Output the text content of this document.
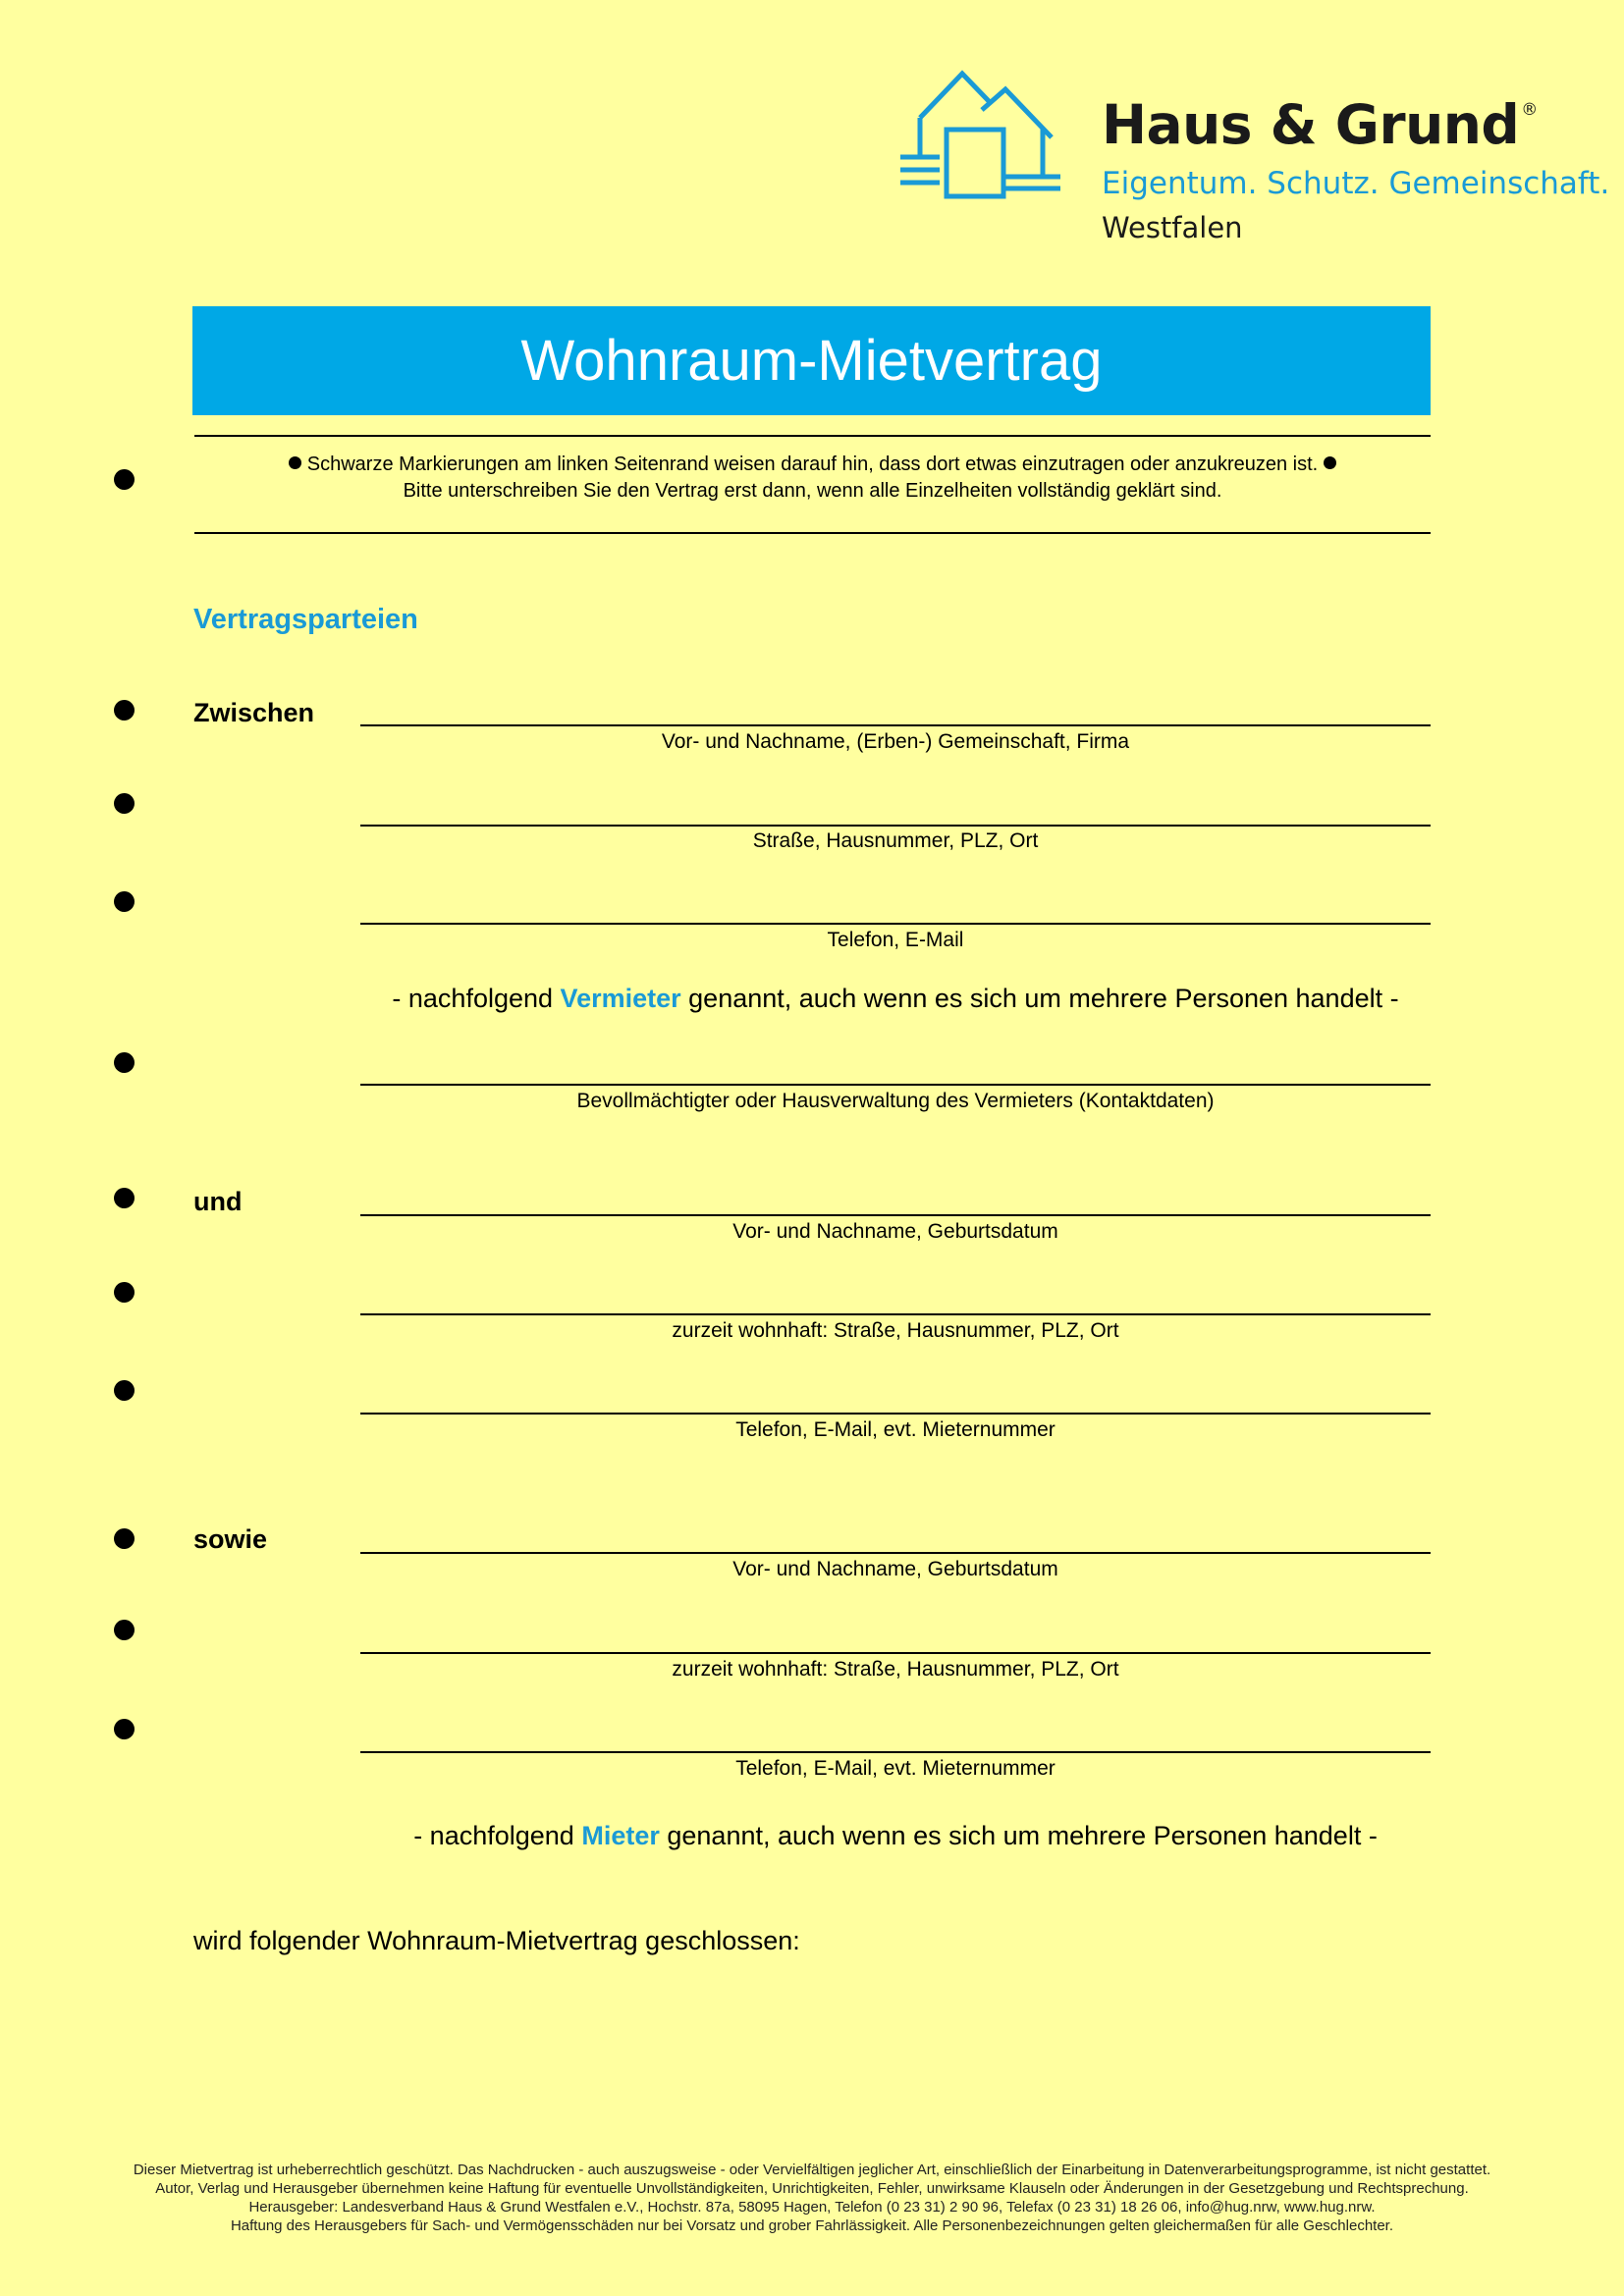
Haus & Grund ®
Eigentum. Schutz. Gemeinschaft.
Westfalen
Wohnraum-Mietvertrag
Schwarze Markierungen am linken Seitenrand weisen darauf hin, dass dort etwas einzutragen oder anzukreuzen ist.
Bitte unterschreiben Sie den Vertrag erst dann, wenn alle Einzelheiten vollständig geklärt sind.
Vertragsparteien
Zwischen
Vor- und Nachname, (Erben-) Gemeinschaft, Firma
Straße, Hausnummer, PLZ, Ort
Telefon, E-Mail
- nachfolgend Vermieter genannt, auch wenn es sich um mehrere Personen handelt -
Bevollmächtigter oder Hausverwaltung des Vermieters (Kontaktdaten)
und
Vor- und Nachname, Geburtsdatum
zurzeit wohnhaft: Straße, Hausnummer, PLZ, Ort
Telefon, E-Mail, evt. Mieternummer
sowie
Vor- und Nachname, Geburtsdatum
zurzeit wohnhaft: Straße, Hausnummer, PLZ, Ort
Telefon, E-Mail, evt. Mieternummer
- nachfolgend Mieter genannt, auch wenn es sich um mehrere Personen handelt -
wird folgender Wohnraum-Mietvertrag geschlossen:
Dieser Mietvertrag ist urheberrechtlich geschützt. Das Nachdrucken - auch auszugsweise - oder Vervielfältigen jeglicher Art, einschließlich der Einarbeitung in Datenverarbeitungsprogramme, ist nicht gestattet.
Autor, Verlag und Herausgeber übernehmen keine Haftung für eventuelle Unvollständigkeiten, Unrichtigkeiten, Fehler, unwirksame Klauseln oder Änderungen in der Gesetzgebung und Rechtsprechung.
Herausgeber: Landesverband Haus & Grund Westfalen e.V., Hochstr. 87a, 58095 Hagen, Telefon (0 23 31) 2 90 96, Telefax (0 23 31) 18 26 06, info@hug.nrw, www.hug.nrw.
Haftung des Herausgebers für Sach- und Vermögensschäden nur bei Vorsatz und grober Fahrlässigkeit. Alle Personenbezeichnungen gelten gleichermaßen für alle Geschlechter.
